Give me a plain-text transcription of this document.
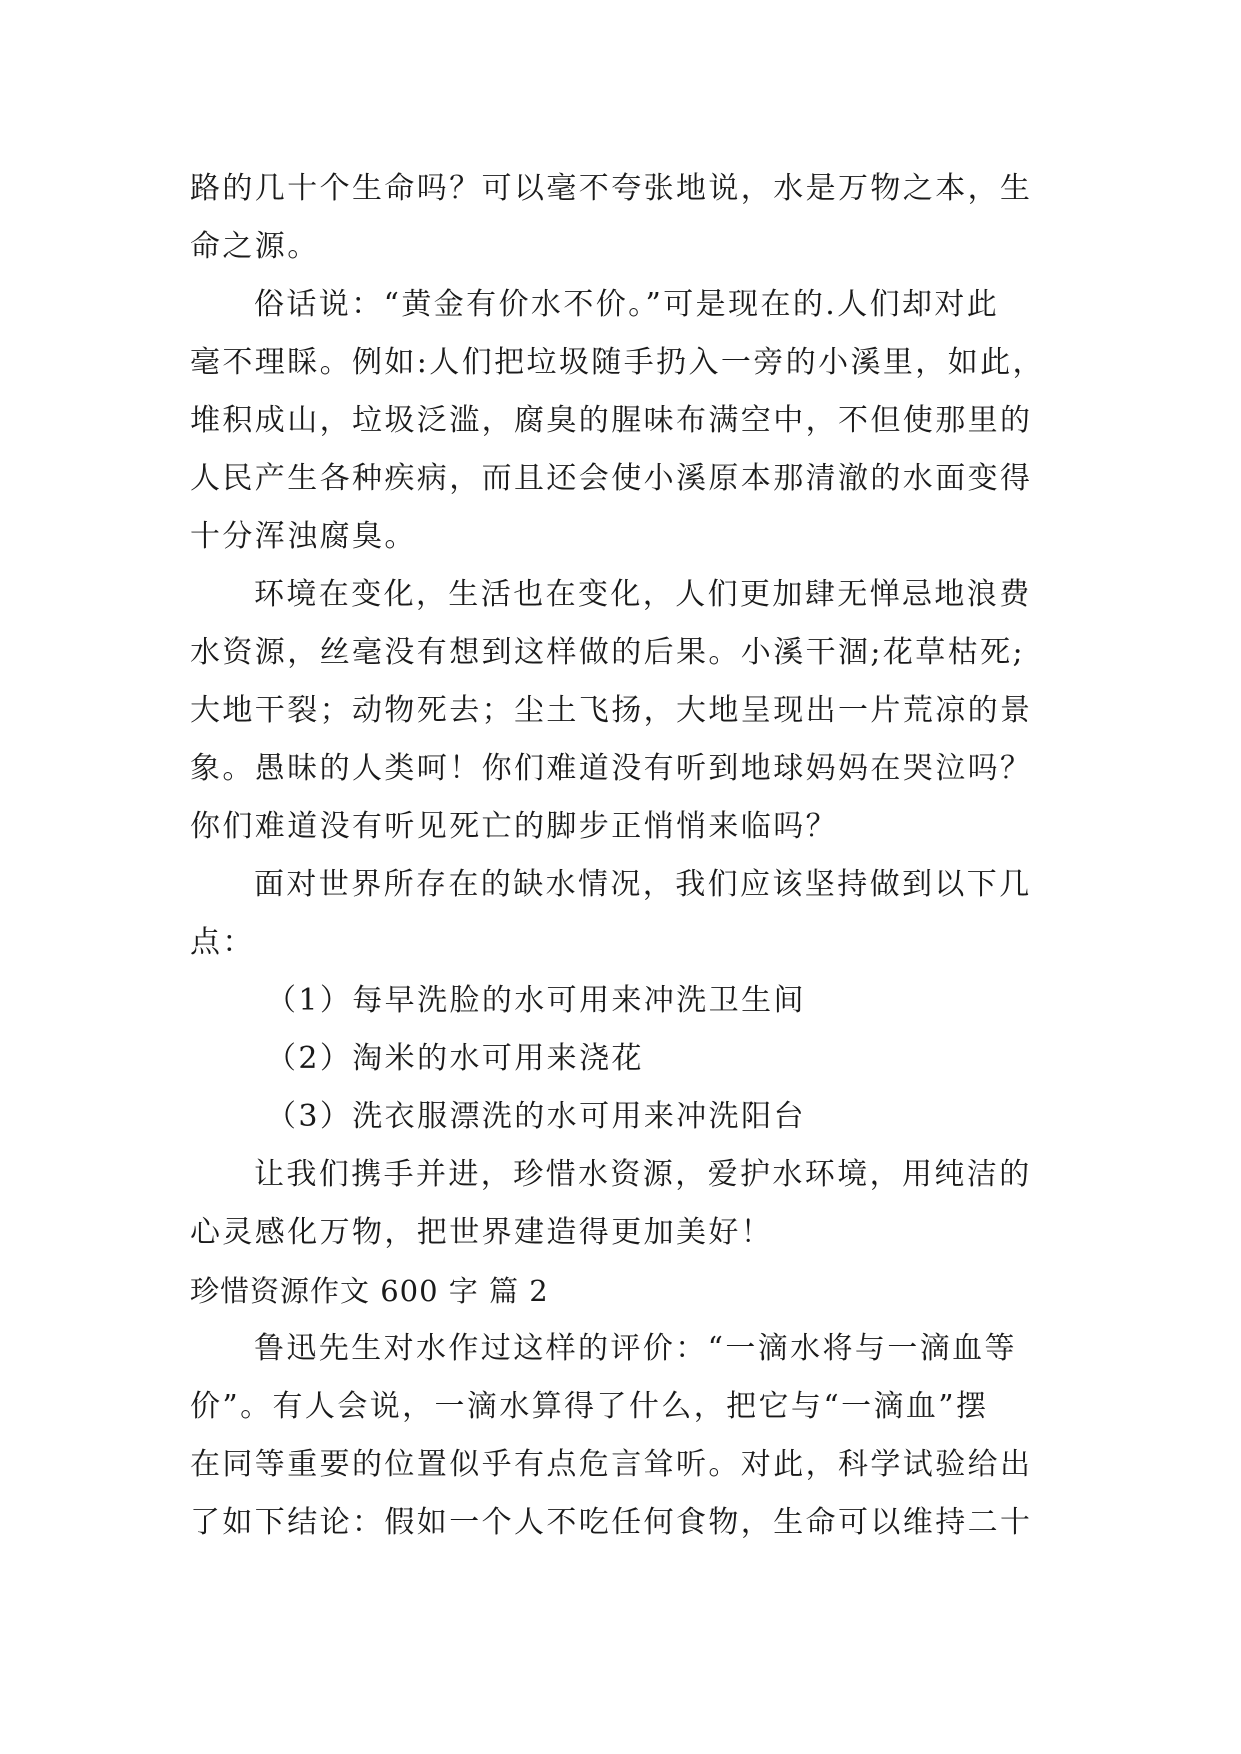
路的几十个生命吗？可以毫不夸张地说，水是万物之本，生
命之源。
俗话说：“黄金有价水不价。”可是现在的.人们却对此
毫不理睬。例如:人们把垃圾随手扔入一旁的小溪里，如此，
堆积成山，垃圾泛滥，腐臭的腥味布满空中，不但使那里的
人民产生各种疾病，而且还会使小溪原本那清澈的水面变得
十分浑浊腐臭。
环境在变化，生活也在变化，人们更加肆无惮忌地浪费
水资源，丝毫没有想到这样做的后果。小溪干涸;花草枯死;
大地干裂；动物死去；尘土飞扬，大地呈现出一片荒凉的景
象。愚昧的人类呵！你们难道没有听到地球妈妈在哭泣吗？
你们难道没有听见死亡的脚步正悄悄来临吗？
面对世界所存在的缺水情况，我们应该坚持做到以下几
点：
（1）每早洗脸的水可用来冲洗卫生间
（2）淘米的水可用来浇花
（3）洗衣服漂洗的水可用来冲洗阳台
让我们携手并进，珍惜水资源，爱护水环境，用纯洁的
心灵感化万物，把世界建造得更加美好！
珍惜资源作文 600 字 篇 2
鲁迅先生对水作过这样的评价：“一滴水将与一滴血等
价”。有人会说，一滴水算得了什么，把它与“一滴血”摆
在同等重要的位置似乎有点危言耸听。对此，科学试验给出
了如下结论：假如一个人不吃任何食物，生命可以维持二十
